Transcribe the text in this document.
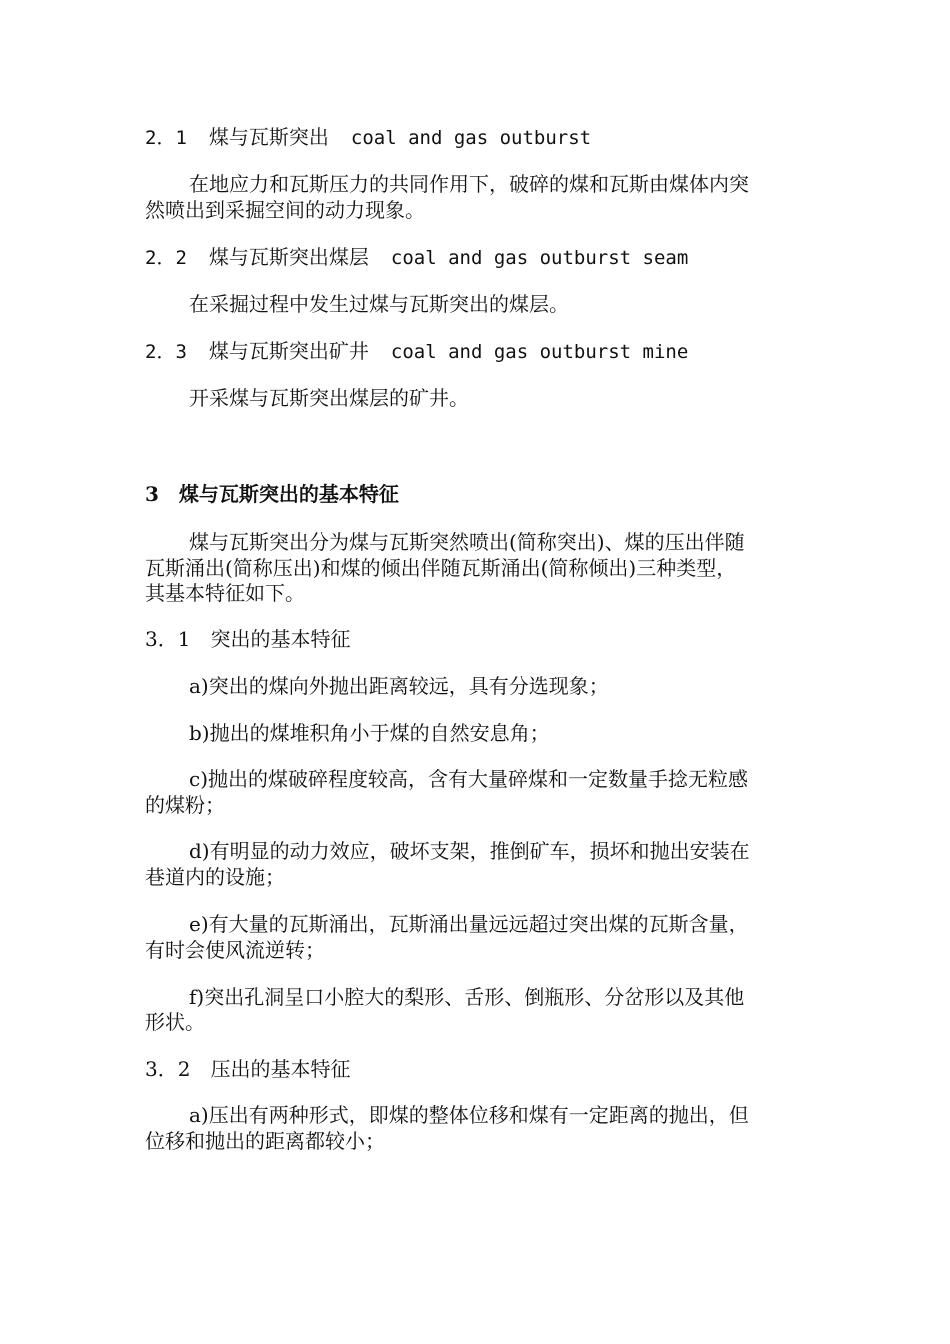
2．1 煤与瓦斯突出 coal and gas outburst
在地应力和瓦斯压力的共同作用下，破碎的煤和瓦斯由煤体内突
然喷出到采掘空间的动力现象。
2．2 煤与瓦斯突出煤层 coal and gas outburst seam
在采掘过程中发生过煤与瓦斯突出的煤层。
2．3 煤与瓦斯突出矿井 coal and gas outburst mine
开采煤与瓦斯突出煤层的矿井。
3　煤与瓦斯突出的基本特征
煤与瓦斯突出分为煤与瓦斯突然喷出(简称突出)、煤的压出伴随
瓦斯涌出(简称压出)和煤的倾出伴随瓦斯涌出(简称倾出)三种类型，
其基本特征如下。
3．1　突出的基本特征
a)突出的煤向外抛出距离较远，具有分选现象；
b)抛出的煤堆积角小于煤的自然安息角；
c)抛出的煤破碎程度较高，含有大量碎煤和一定数量手捻无粒感
的煤粉；
d)有明显的动力效应，破坏支架，推倒矿车，损坏和抛出安装在
巷道内的设施；
e)有大量的瓦斯涌出，瓦斯涌出量远远超过突出煤的瓦斯含量，
有时会使风流逆转；
f)突出孔洞呈口小腔大的梨形、舌形、倒瓶形、分岔形以及其他
形状。
3．2　压出的基本特征
a)压出有两种形式，即煤的整体位移和煤有一定距离的抛出，但
位移和抛出的距离都较小；
